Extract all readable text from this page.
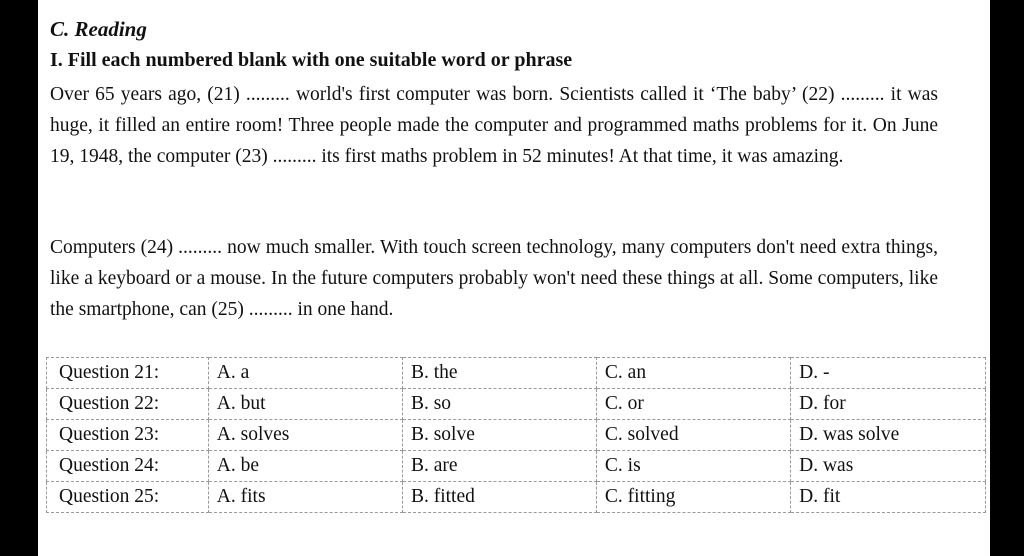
C. Reading
I. Fill each numbered blank with one suitable word or phrase

Over 65 years ago, (21) ......... world's first computer was born. Scientists called it ‘The baby’ (22) ......... it was huge, it filled an entire room! Three people made the computer and programmed maths problems for it. On June 19, 1948, the computer (23) ......... its first maths problem in 52 minutes! At that time, it was amazing.

Computers (24) ......... now much smaller. With touch screen technology, many computers don't need extra things, like a keyboard or a mouse. In the future computers probably won't need these things at all. Some computers, like the smartphone, can (25) ......... in one hand.

Question 21:	A. a	B. the	C. an	D. -
Question 22:	A. but	B. so	C. or	D. for
Question 23:	A. solves	B. solve	C. solved	D. was solve
Question 24:	A. be	B. are	C. is	D. was
Question 25:	A. fits	B. fitted	C. fitting	D. fit
